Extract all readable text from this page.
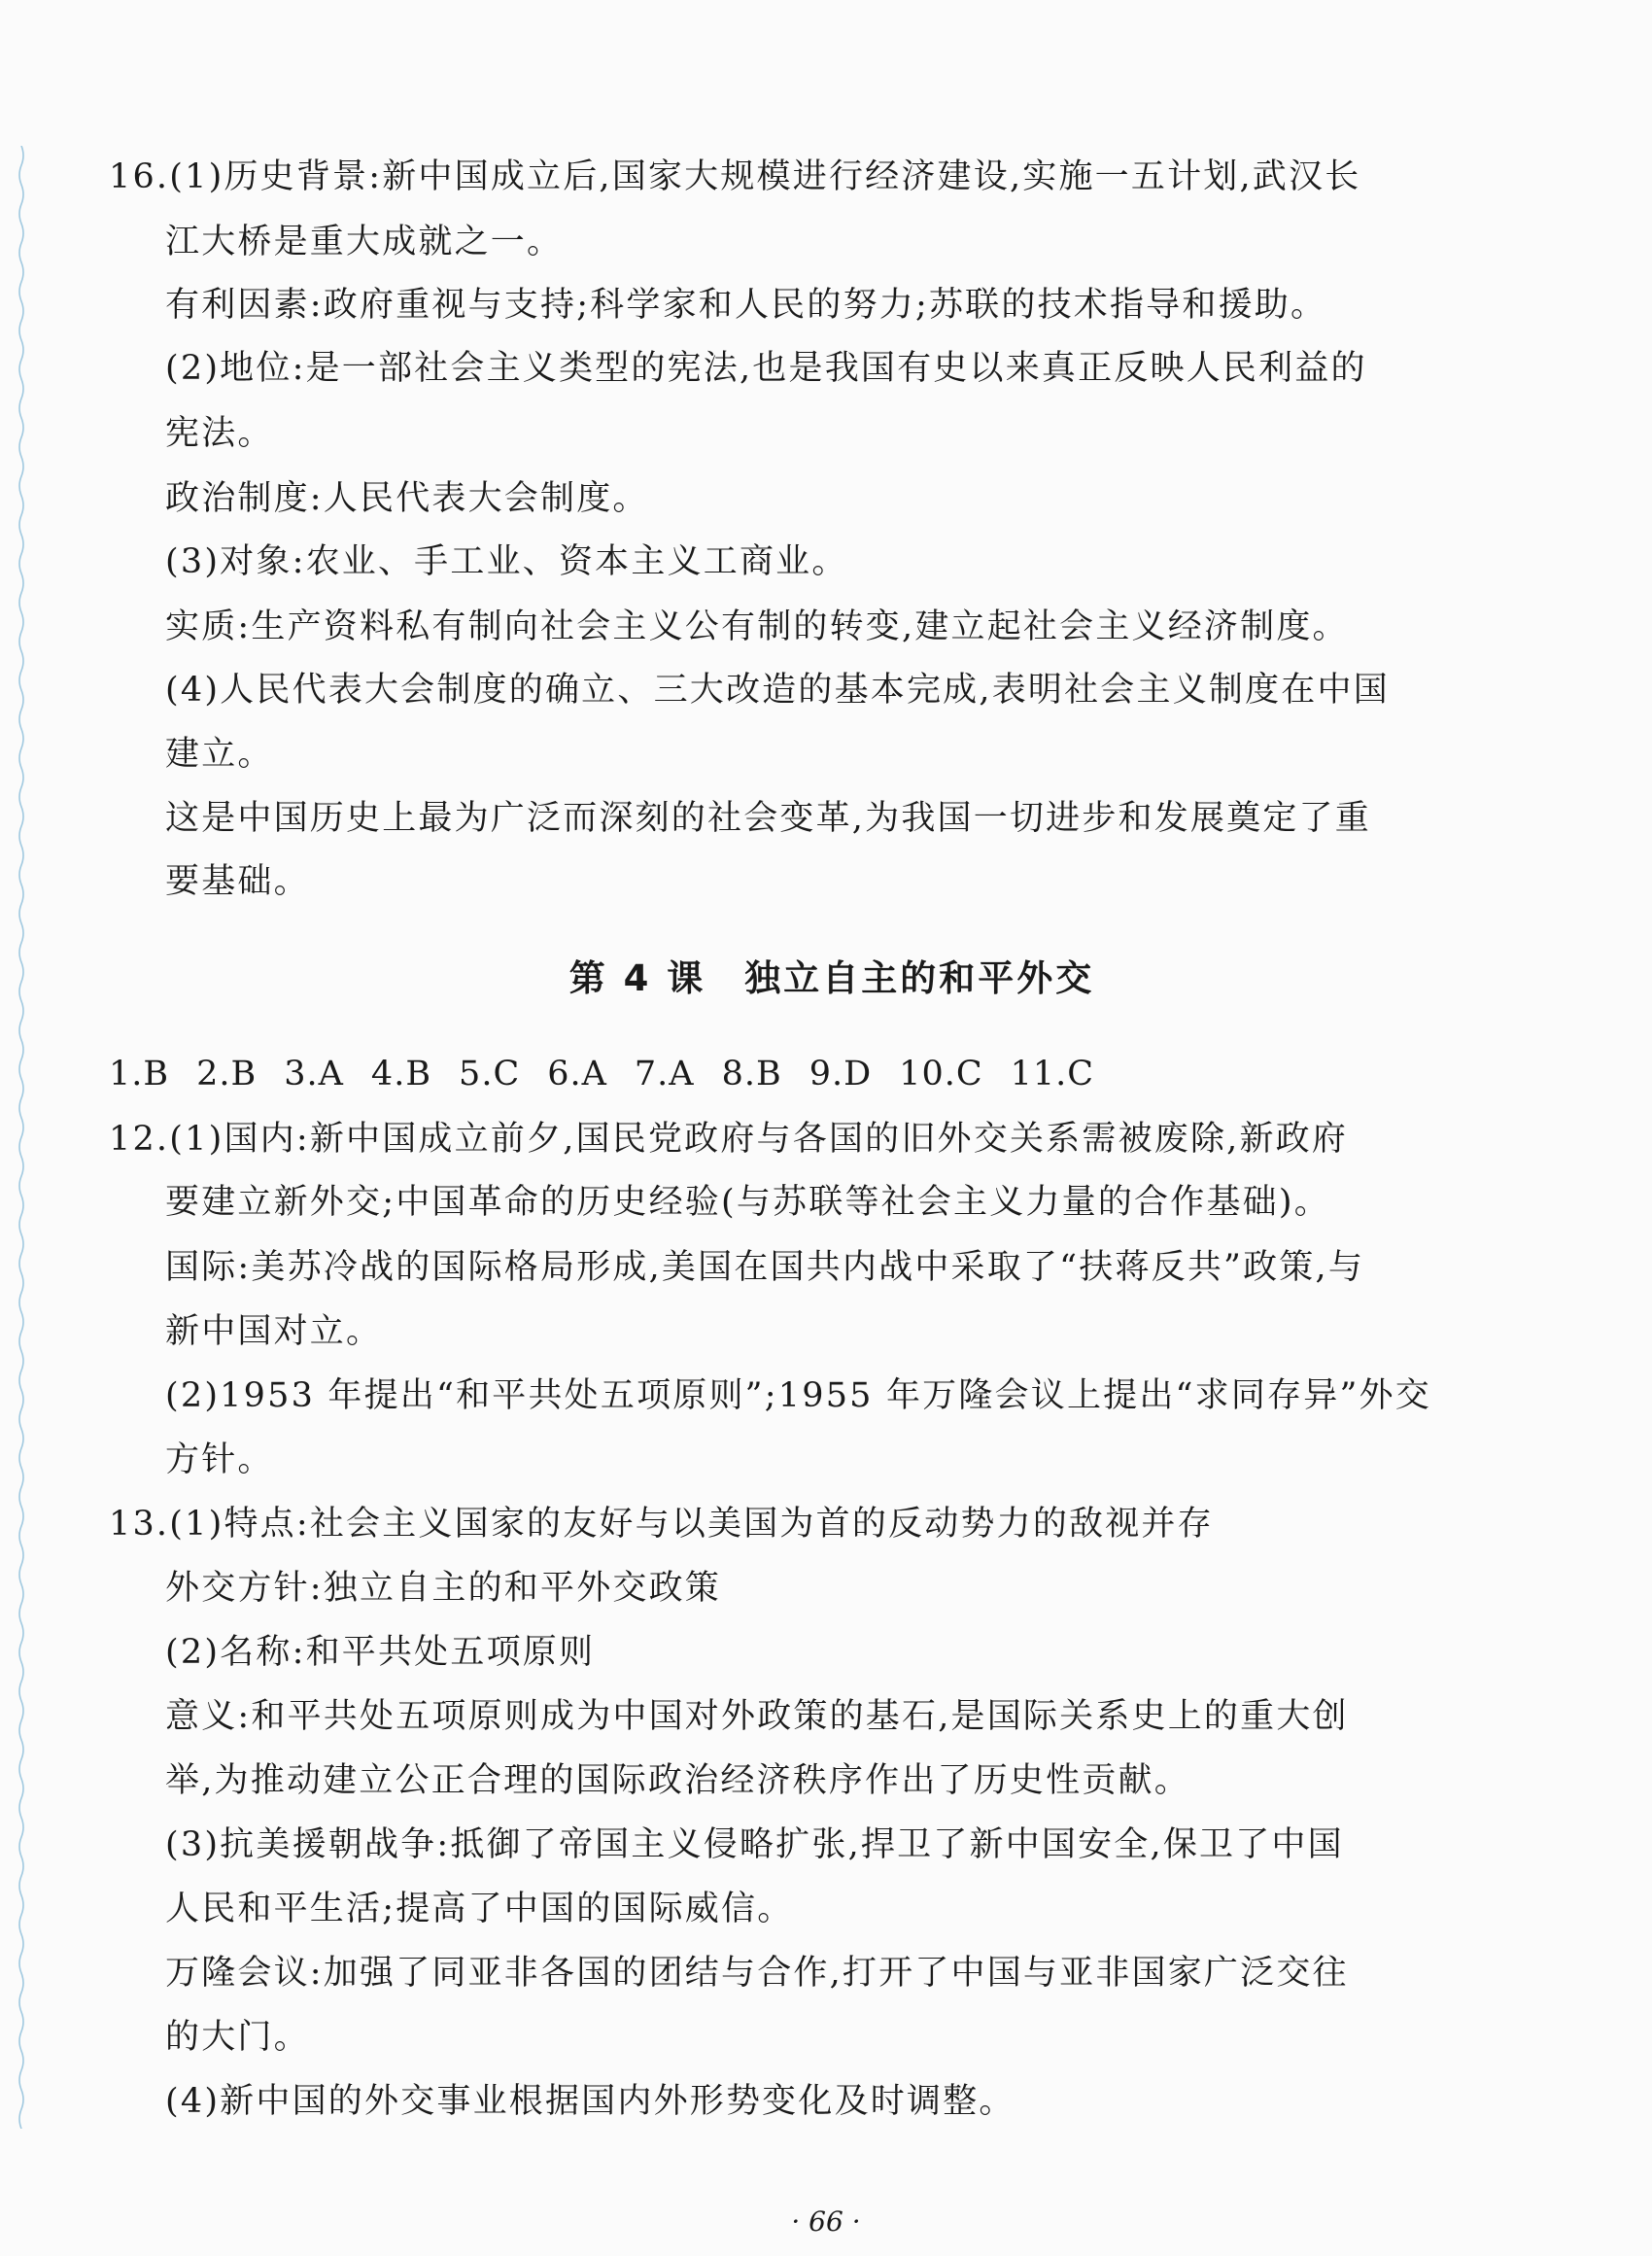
16.(1)历史背景:新中国成立后,国家大规模进行经济建设,实施一五计划,武汉长
江大桥是重大成就之一。
有利因素:政府重视与支持;科学家和人民的努力;苏联的技术指导和援助。
(2)地位:是一部社会主义类型的宪法,也是我国有史以来真正反映人民利益的
宪法。
政治制度:人民代表大会制度。
(3)对象:农业、手工业、资本主义工商业。
实质:生产资料私有制向社会主义公有制的转变,建立起社会主义经济制度。
(4)人民代表大会制度的确立、三大改造的基本完成,表明社会主义制度在中国
建立。
这是中国历史上最为广泛而深刻的社会变革,为我国一切进步和发展奠定了重
要基础。
第 4 课　独立自主的和平外交
1.B 2.B 3.A 4.B 5.C 6.A 7.A 8.B 9.D 10.C 11.C
12.(1)国内:新中国成立前夕,国民党政府与各国的旧外交关系需被废除,新政府
要建立新外交;中国革命的历史经验(与苏联等社会主义力量的合作基础)。
国际:美苏冷战的国际格局形成,美国在国共内战中采取了“扶蒋反共”政策,与
新中国对立。
(2)1953 年提出“和平共处五项原则”;1955 年万隆会议上提出“求同存异”外交
方针。
13.(1)特点:社会主义国家的友好与以美国为首的反动势力的敌视并存
外交方针:独立自主的和平外交政策
(2)名称:和平共处五项原则
意义:和平共处五项原则成为中国对外政策的基石,是国际关系史上的重大创
举,为推动建立公正合理的国际政治经济秩序作出了历史性贡献。
(3)抗美援朝战争:抵御了帝国主义侵略扩张,捍卫了新中国安全,保卫了中国
人民和平生活;提高了中国的国际威信。
万隆会议:加强了同亚非各国的团结与合作,打开了中国与亚非国家广泛交往
的大门。
(4)新中国的外交事业根据国内外形势变化及时调整。
· 66 ·
